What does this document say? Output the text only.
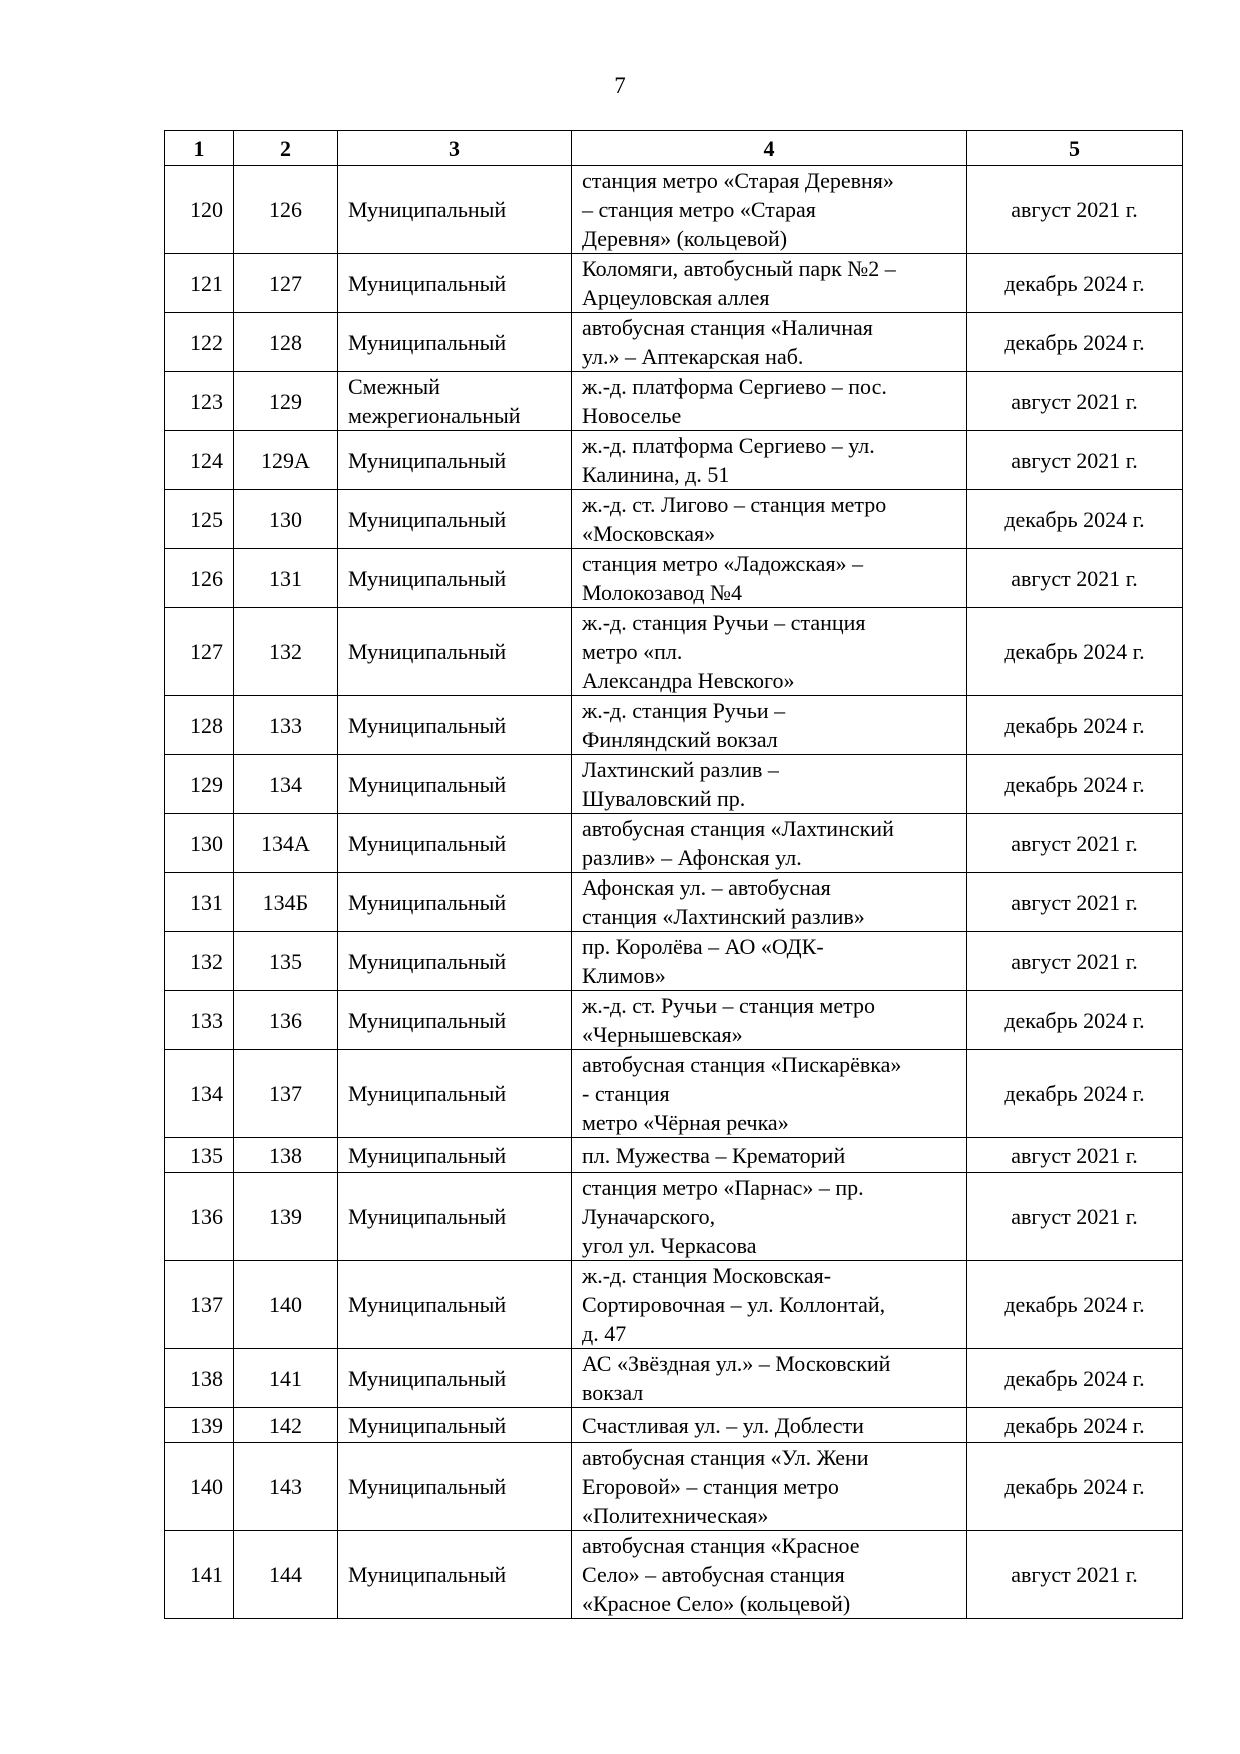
7
1	2	3	4	5
120	126	Муниципальный	станция метро «Старая Деревня»
– станция метро «Старая
Деревня» (кольцевой)	август 2021 г.
121	127	Муниципальный	Коломяги, автобусный парк №2 –
Арцеуловская аллея	декабрь 2024 г.
122	128	Муниципальный	автобусная станция «Наличная
ул.» – Аптекарская наб.	декабрь 2024 г.
123	129	Смежный
межрегиональный	ж.-д. платформа Сергиево – пос.
Новоселье	август 2021 г.
124	129А	Муниципальный	ж.-д. платформа Сергиево – ул.
Калинина, д. 51	август 2021 г.
125	130	Муниципальный	ж.-д. ст. Лигово – станция метро
«Московская»	декабрь 2024 г.
126	131	Муниципальный	станция метро «Ладожская» –
Молокозавод №4	август 2021 г.
127	132	Муниципальный	ж.-д. станция Ручьи – станция
метро «пл.
Александра Невского»	декабрь 2024 г.
128	133	Муниципальный	ж.-д. станция Ручьи –
Финляндский вокзал	декабрь 2024 г.
129	134	Муниципальный	Лахтинский разлив –
Шуваловский пр.	декабрь 2024 г.
130	134А	Муниципальный	автобусная станция «Лахтинский
разлив» – Афонская ул.	август 2021 г.
131	134Б	Муниципальный	Афонская ул. – автобусная
станция «Лахтинский разлив»	август 2021 г.
132	135	Муниципальный	пр. Королёва – АО «ОДК-
Климов»	август 2021 г.
133	136	Муниципальный	ж.-д. ст. Ручьи – станция метро
«Чернышевская»	декабрь 2024 г.
134	137	Муниципальный	автобусная станция «Пискарёвка»
- станция
метро «Чёрная речка»	декабрь 2024 г.
135	138	Муниципальный	пл. Мужества – Крематорий	август 2021 г.
136	139	Муниципальный	станция метро «Парнас» – пр.
Луначарского,
угол ул. Черкасова	август 2021 г.
137	140	Муниципальный	ж.-д. станция Московская-
Сортировочная – ул. Коллонтай,
д. 47	декабрь 2024 г.
138	141	Муниципальный	АС «Звёздная ул.» – Московский
вокзал	декабрь 2024 г.
139	142	Муниципальный	Счастливая ул. – ул. Доблести	декабрь 2024 г.
140	143	Муниципальный	автобусная станция «Ул. Жени
Егоровой» – станция метро
«Политехническая»	декабрь 2024 г.
141	144	Муниципальный	автобусная станция «Красное
Село» – автобусная станция
«Красное Село» (кольцевой)	август 2021 г.
